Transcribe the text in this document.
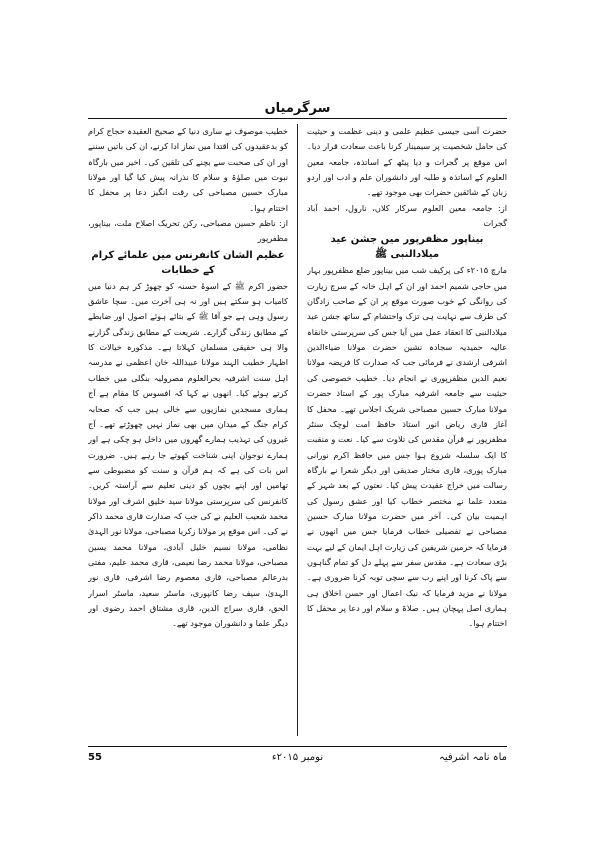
سرگرمیاں

حضرت آسی جیسی عظیم علمی و دینی عظمت و حیثیت کی حامل شخصیت پر سیمینار کرنا باعث سعادت قرار دیا۔ اس موقع پر گجرات و دیا پیٹھ کے اساتذہ، جامعہ معین العلوم کے اساتذہ و طلبہ اور دانشوران علم و ادب اور اردو زبان کے شائقین حضرات بھی موجود تھے۔

از: جامعہ معین العلوم سرکار کلاں، نارول، احمد آباد گجرات

بیناپور مظفرپور میں جشن عید میلادالنبی ﷺ

مارچ ۲۰۱۵ء کی پرکیف شب میں بیناپور ضلع مظفرپور بہار میں حاجی شمیم احمد اور ان کے اہل خانہ کے سرچ زیارت کی روانگی کے خوب صورت موقع پر ان کے صاحب زادگان کی طرف سے نہایت ہی تزک واحتشام کے ساتھ جشن عید میلادالنبی کا انعقاد عمل میں آیا جس کی سرپرستی خانقاہ عالیہ حمیدیہ سجادہ نشین حضرت مولانا ضیاءالدین اشرفی ارشدی نے فرمائی جب کہ صدارت کا فریضہ مولانا نعیم الدین مظفرپوری نے انجام دیا۔ خطیب خصوصی کی حیثیت سے جامعہ اشرفیہ مبارک پور کے استاذ حضرت مولانا مبارک حسین مصباحی شریک اجلاس تھے۔ محفل کا آغاز قاری ریاض انور استاذ حافظ امت لوچک سنٹر مظفرپور نے قرآن مقدس کی تلاوت سے کیا۔ نعت و منقبت کا ایک سلسلہ شروع ہوا جس میں حافظ اکرم نورانی مبارک پوری، قاری مختار صدیقی اور دیگر شعرا نے بارگاہ رسالت میں خراج عقیدت پیش کیا۔ نعتوں کے بعد شہر کے متعدد علما نے مختصر خطاب کیا اور عشق رسول کی اہمیت بیان کی۔ آخر میں حضرت مولانا مبارک حسین مصباحی نے تفصیلی خطاب فرمایا جس میں انھوں نے فرمایا کہ حرمین شریفین کی زیارت اہل ایمان کے لیے بہت بڑی سعادت ہے۔ مقدس سفر سے پہلے دل کو تمام گناہوں سے پاک کرنا اور اپنے رب سے سچی توبہ کرنا ضروری ہے۔ مولانا نے مزید فرمایا کہ نیک اعمال اور حسن اخلاق ہی ہماری اصل پہچان ہیں۔ صلاۃ و سلام اور دعا پر محفل کا اختتام ہوا۔

خطیب موصوف نے ساری دنیا کے صحیح العقیدہ حجاج کرام کو بدعقیدوں کی اقتدا میں نماز ادا کرنے، ان کی باتیں سننے اور ان کی صحبت سے بچنے کی تلقین کی۔ اخیر میں بارگاہ نبوت میں صلوٰۃ و سلام کا نذرانہ پیش کیا گیا اور مولانا مبارک حسین مصباحی کی رقت انگیز دعا پر محفل کا اختتام ہوا۔

از: ناظم حسین مصباحی، رکن تحریک اصلاح ملت، بیناپور، مظفرپور

عظیم الشان کانفرنس میں علمائے کرام کے خطابات

حضور اکرم ﷺ کے اسوۂ حسنہ کو چھوڑ کر ہم دنیا میں کامیاب ہو سکتے ہیں اور نہ ہی آخرت میں۔ سچا عاشق رسول وہی ہے جو آقا ﷺ کے بتائے ہوئے اصول اور ضابطے کے مطابق زندگی گزارے۔ شریعت کے مطابق زندگی گزارنے والا ہی حقیقی مسلمان کہلاتا ہے۔ مذکورہ خیالات کا اظہار خطیب الہند مولانا عبیداللہ خان اعظمی نے مدرسہ اہل سنت اشرفیہ بحرالعلوم مصرولیہ بنگلی میں خطاب کرتے ہوئے کیا۔ انھوں نے کہا کہ افسوس کا مقام ہے آج ہماری مسجدیں نمازیوں سے خالی ہیں جب کہ صحابہ کرام جنگ کے میدان میں بھی نماز نہیں چھوڑتے تھے۔ آج غیروں کی تہذیب ہمارے گھروں میں داخل ہو چکی ہے اور ہمارے نوجوان اپنی شناخت کھوتے جا رہے ہیں۔ ضرورت اس بات کی ہے کہ ہم قرآن و سنت کو مضبوطی سے تھامیں اور اپنے بچوں کو دینی تعلیم سے آراستہ کریں۔ کانفرنس کی سرپرستی مولانا سید خلیق اشرف اور مولانا محمد شعیب العلیم نے کی جب کہ صدارت قاری محمد ذاکر نے کی۔ اس موقع پر مولانا زکریا مصباحی، مولانا نور الہدیٰ نظامی، مولانا نسیم خلیل آبادی، مولانا محمد یسین مصباحی، مولانا محمد رضا نعیمی، قاری محمد علیم، مفتی بدرعالم مصباحی، قاری معصوم رضا اشرفی، قاری نور الہدیٰ، سیف رضا کانپوری، ماسٹر سعید، ماسٹر اسرار الحق، قاری سراج الدین، قاری مشتاق احمد رضوی اور دیگر علما و دانشوران موجود تھے۔

ماہ نامہ اشرفیہ
نومبر ۲۰۱۵ء
55
